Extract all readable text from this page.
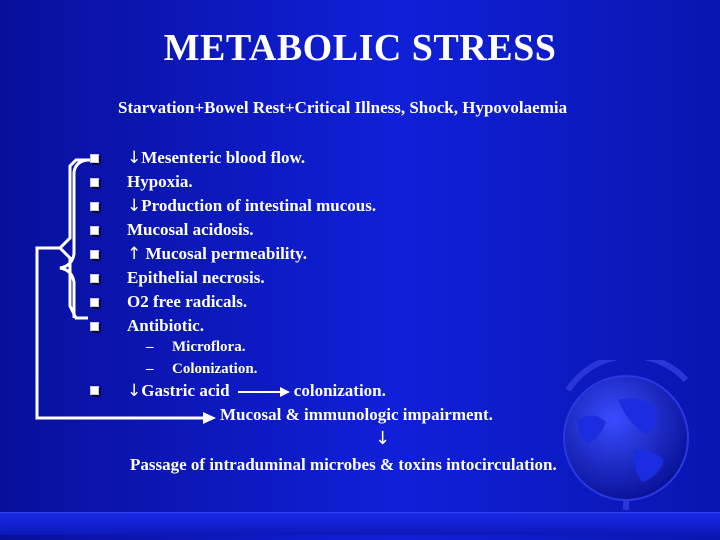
METABOLIC STRESS
Starvation+Bowel Rest+Critical Illness, Shock, Hypovolaemia
↓Mesenteric blood flow.
Hypoxia.
↓Production of intestinal mucous.
Mucosal acidosis.
↑ Mucosal permeability.
Epithelial necrosis.
O2 free radicals.
Antibiotic.
– Microflora.
– Colonization.
↓Gastric acid	colonization.
Mucosal & immunologic impairment.
↓
Passage of intraduminal microbes & toxins intocirculation.
